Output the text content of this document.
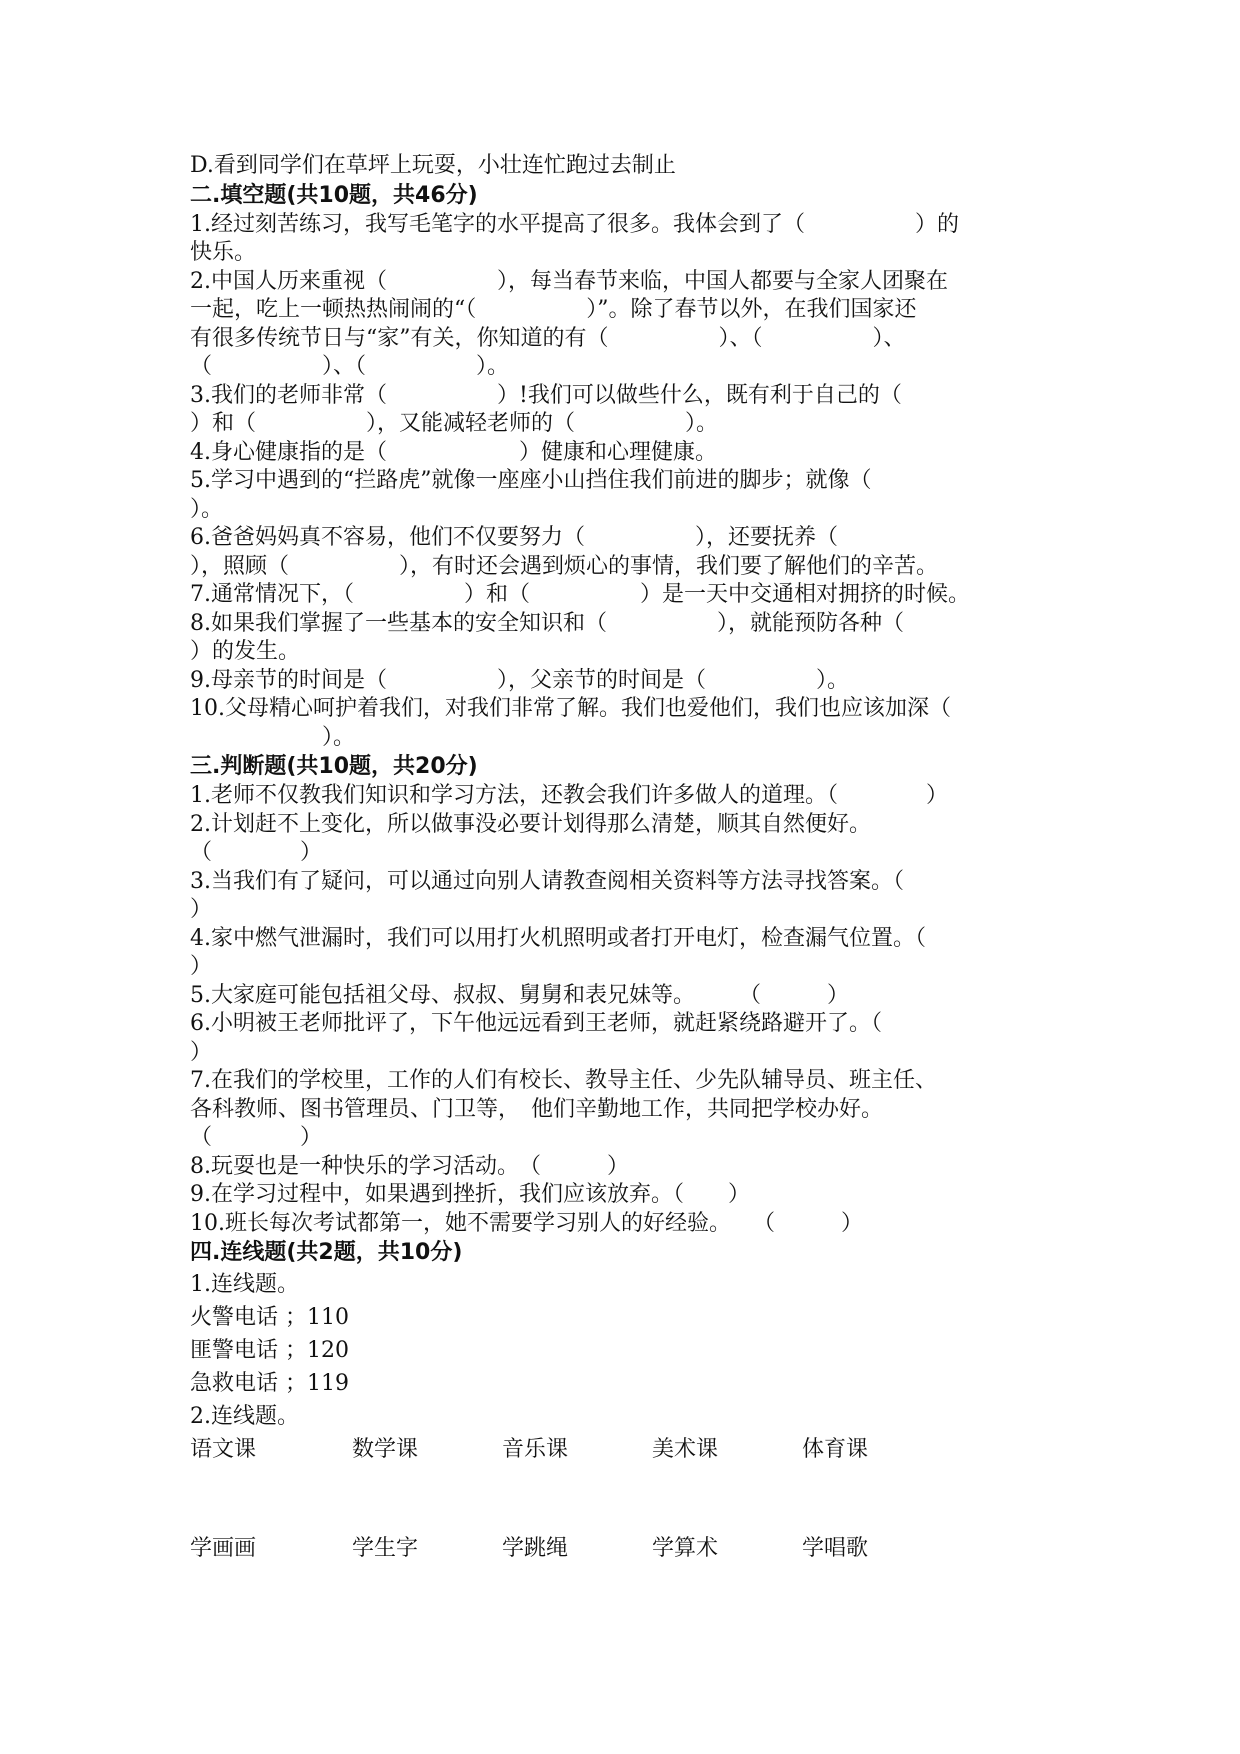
D.看到同学们在草坪上玩耍，小壮连忙跑过去制止
二.填空题(共10题，共46分)
1.经过刻苦练习，我写毛笔字的水平提高了很多。我体会到了（　　　　　）的
快乐。
2.中国人历来重视（　　　　　），每当春节来临，中国人都要与全家人团聚在
一起，吃上一顿热热闹闹的“（　　　　　）”。除了春节以外，在我们国家还
有很多传统节日与“家”有关，你知道的有（　　　　　）、（　　　　　）、
（　　　　　）、（　　　　　）。
3.我们的老师非常（　　　　　）!我们可以做些什么，既有利于自己的（
）和（　　　　　），又能减轻老师的（　　　　　）。
4.身心健康指的是（　　　　　　）健康和心理健康。
5.学习中遇到的“拦路虎”就像一座座小山挡住我们前进的脚步；就像（
）。
6.爸爸妈妈真不容易，他们不仅要努力（　　　　　），还要抚养（
），照顾（　　　　　），有时还会遇到烦心的事情，我们要了解他们的辛苦。
7.通常情况下，（　　　　　）和（　　　　　）是一天中交通相对拥挤的时候。
8.如果我们掌握了一些基本的安全知识和（　　　　　），就能预防各种（
）的发生。
9.母亲节的时间是（　　　　　），父亲节的时间是（　　　　　）。
10.父母精心呵护着我们，对我们非常了解。我们也爱他们，我们也应该加深（
　　　　　　）。
三.判断题(共10题，共20分)
1.老师不仅教我们知识和学习方法，还教会我们许多做人的道理。（　　　　）
2.计划赶不上变化，所以做事没必要计划得那么清楚，顺其自然便好。
（　　　　）
3.当我们有了疑问，可以通过向别人请教查阅相关资料等方法寻找答案。（
）
4.家中燃气泄漏时，我们可以用打火机照明或者打开电灯，检查漏气位置。（
）
5.大家庭可能包括祖父母、叔叔、舅舅和表兄妹等。　　　（　　　）
6.小明被王老师批评了，下午他远远看到王老师，就赶紧绕路避开了。（
）
7.在我们的学校里，工作的人们有校长、教导主任、少先队辅导员、班主任、
各科教师、图书管理员、门卫等，　他们辛勤地工作，共同把学校办好。
（　　　　）
8.玩耍也是一种快乐的学习活动。　（　　　）
9.在学习过程中，如果遇到挫折，我们应该放弃。（　　）
10.班长每次考试都第一，她不需要学习别人的好经验。　　（　　　）
四.连线题(共2题，共10分)
1.连线题。
火警电话 ；110
匪警电话 ；120
急救电话 ；119
2.连线题。
语文课	数学课	音乐课	美术课	体育课
学画画	学生字	学跳绳	学算术	学唱歌
